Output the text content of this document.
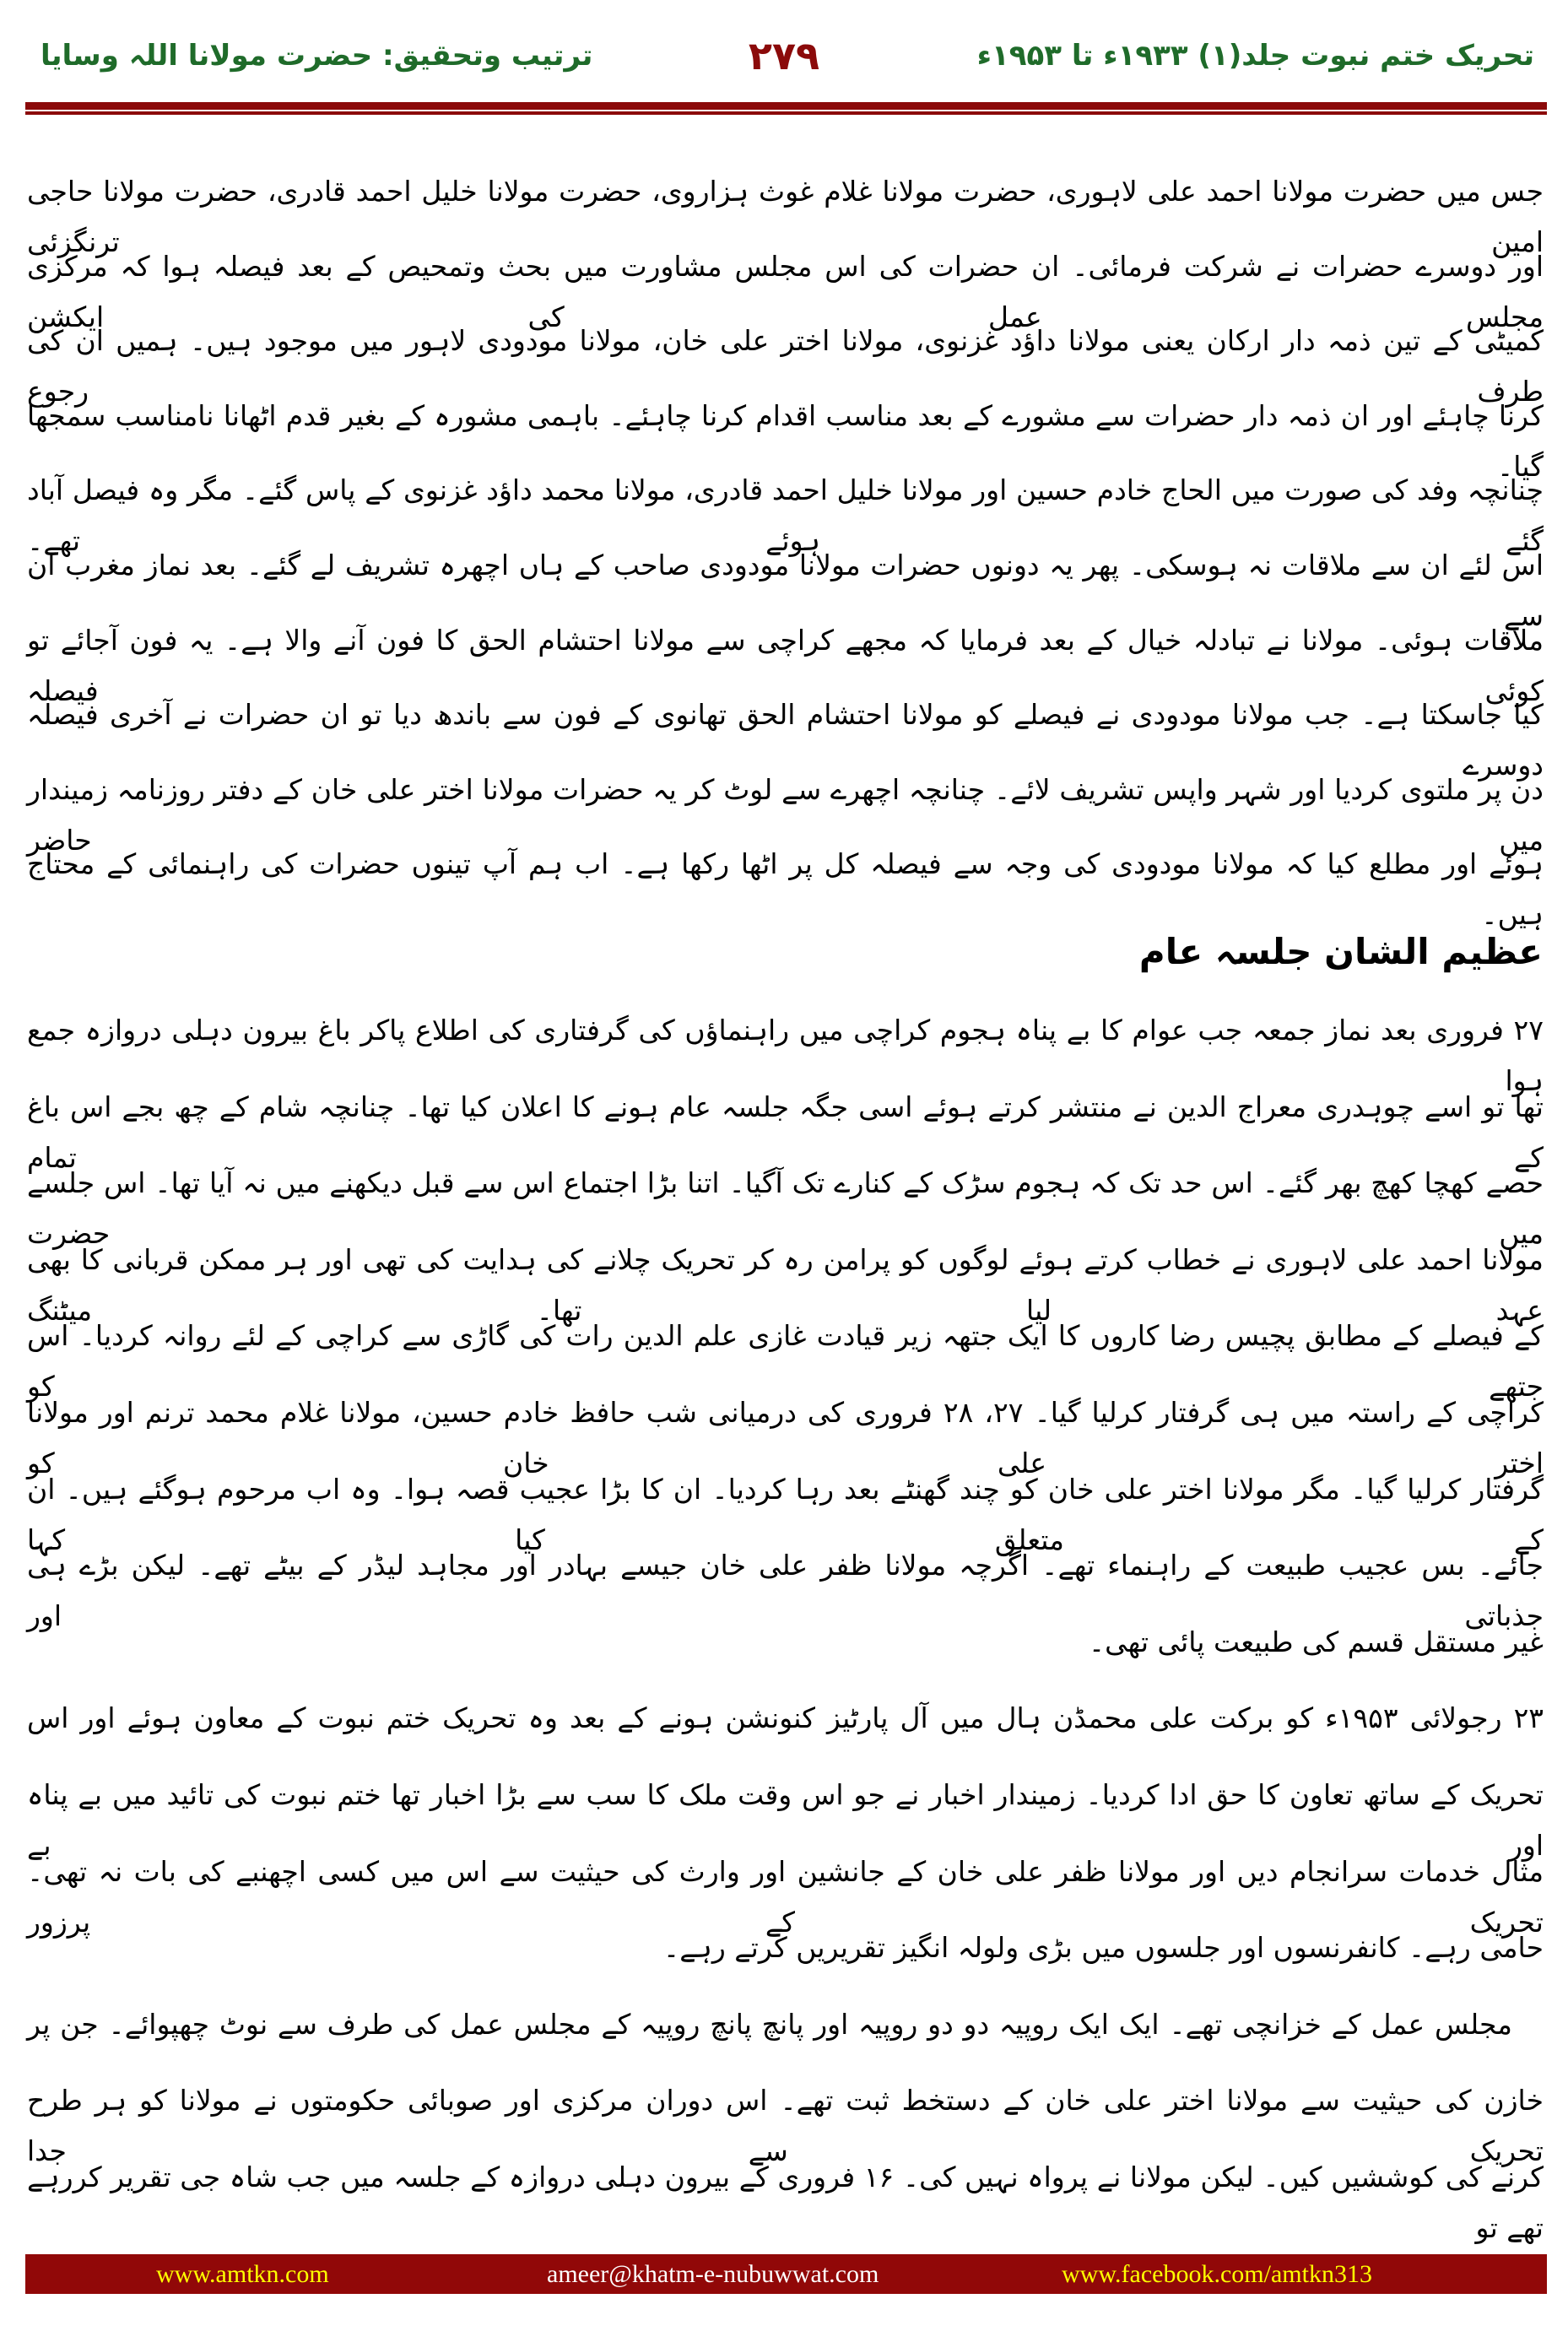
تحریک ختم نبوت جلد(۱) ۱۹۳۳ء تا ۱۹۵۳ء
۲۷۹
ترتیب وتحقیق: حضرت مولانا اللہ وسایا
جس میں حضرت مولانا احمد علی لاہوری، حضرت مولانا غلام غوث ہزاروی، حضرت مولانا خلیل احمد قادری، حضرت مولانا حاجی امین ترنگزئی
اور دوسرے حضرات نے شرکت فرمائی۔ ان حضرات کی اس مجلس مشاورت میں بحث وتمحیص کے بعد فیصلہ ہوا کہ مرکزی مجلس عمل کی ایکشن
کمیٹی کے تین ذمہ دار ارکان یعنی مولانا داؤد غزنوی، مولانا اختر علی خان، مولانا مودودی لاہور میں موجود ہیں۔ ہمیں ان کی طرف رجوع
کرنا چاہئے اور ان ذمہ دار حضرات سے مشورے کے بعد مناسب اقدام کرنا چاہئے۔ باہمی مشورہ کے بغیر قدم اٹھانا نامناسب سمجھا گیا۔
چنانچہ وفد کی صورت میں الحاج خادم حسین اور مولانا خلیل احمد قادری، مولانا محمد داؤد غزنوی کے پاس گئے۔ مگر وہ فیصل آباد گئے ہوئے تھے۔
اس لئے ان سے ملاقات نہ ہوسکی۔ پھر یہ دونوں حضرات مولانا مودودی صاحب کے ہاں اچھرہ تشریف لے گئے۔ بعد نماز مغرب ان سے
ملاقات ہوئی۔ مولانا نے تبادلہ خیال کے بعد فرمایا کہ مجھے کراچی سے مولانا احتشام الحق کا فون آنے والا ہے۔ یہ فون آجائے تو کوئی فیصلہ
کیا جاسکتا ہے۔ جب مولانا مودودی نے فیصلے کو مولانا احتشام الحق تھانوی کے فون سے باندھ دیا تو ان حضرات نے آخری فیصلہ دوسرے
دن پر ملتوی کردیا اور شہر واپس تشریف لائے۔ چنانچہ اچھرے سے لوٹ کر یہ حضرات مولانا اختر علی خان کے دفتر روزنامہ زمیندار میں حاضر
ہوئے اور مطلع کیا کہ مولانا مودودی کی وجہ سے فیصلہ کل پر اٹھا رکھا ہے۔ اب ہم آپ تینوں حضرات کی راہنمائی کے محتاج ہیں۔
عظیم الشان جلسہ عام
۲۷ فروری بعد نماز جمعہ جب عوام کا بے پناہ ہجوم کراچی میں راہنماؤں کی گرفتاری کی اطلاع پاکر باغ بیرون دہلی دروازہ جمع ہوا
تھا تو اسے چوہدری معراج الدین نے منتشر کرتے ہوئے اسی جگہ جلسہ عام ہونے کا اعلان کیا تھا۔ چنانچہ شام کے چھ بجے اس باغ کے تمام
حصے کھچا کھچ بھر گئے۔ اس حد تک کہ ہجوم سڑک کے کنارے تک آگیا۔ اتنا بڑا اجتماع اس سے قبل دیکھنے میں نہ آیا تھا۔ اس جلسے میں حضرت
مولانا احمد علی لاہوری نے خطاب کرتے ہوئے لوگوں کو پرامن رہ کر تحریک چلانے کی ہدایت کی تھی اور ہر ممکن قربانی کا بھی عہد لیا تھا۔ میٹنگ
کے فیصلے کے مطابق پچیس رضا کاروں کا ایک جتھہ زیر قیادت غازی علم الدین رات کی گاڑی سے کراچی کے لئے روانہ کردیا۔ اس جتھے کو
کراچی کے راستہ میں ہی گرفتار کرلیا گیا۔ ۲۷، ۲۸ فروری کی درمیانی شب حافظ خادم حسین، مولانا غلام محمد ترنم اور مولانا اختر علی خان کو
گرفتار کرلیا گیا۔ مگر مولانا اختر علی خان کو چند گھنٹے بعد رہا کردیا۔ ان کا بڑا عجیب قصہ ہوا۔ وہ اب مرحوم ہوگئے ہیں۔ ان کے متعلق کیا کہا
جائے۔ بس عجیب طبیعت کے راہنماء تھے۔ اگرچہ مولانا ظفر علی خان جیسے بہادر اور مجاہد لیڈر کے بیٹے تھے۔ لیکن بڑے ہی جذباتی اور
غیر مستقل قسم کی طبیعت پائی تھی۔
۲۳ رجولائی ۱۹۵۳ء کو برکت علی محمڈن ہال میں آل پارٹیز کنونشن ہونے کے بعد وہ تحریک ختم نبوت کے معاون ہوئے اور اس
تحریک کے ساتھ تعاون کا حق ادا کردیا۔ زمیندار اخبار نے جو اس وقت ملک کا سب سے بڑا اخبار تھا ختم نبوت کی تائید میں بے پناہ اور بے
مثال خدمات سرانجام دیں اور مولانا ظفر علی خان کے جانشین اور وارث کی حیثیت سے اس میں کسی اچھنبے کی بات نہ تھی۔ تحریک کے پرزور
حامی رہے۔ کانفرنسوں اور جلسوں میں بڑی ولولہ انگیز تقریریں کرتے رہے۔
مجلس عمل کے خزانچی تھے۔ ایک ایک روپیہ دو دو روپیہ اور پانچ پانچ روپیہ کے مجلس عمل کی طرف سے نوٹ چھپوائے۔ جن پر
خازن کی حیثیت سے مولانا اختر علی خان کے دستخط ثبت تھے۔ اس دوران مرکزی اور صوبائی حکومتوں نے مولانا کو ہر طرح تحریک سے جدا
کرنے کی کوششیں کیں۔ لیکن مولانا نے پرواہ نہیں کی۔ ۱۶ فروری کے بیرون دہلی دروازہ کے جلسہ میں جب شاہ جی تقریر کررہے تھے تو
www.amtkn.com	ameer@khatm-e-nubuwwat.com	www.facebook.com/amtkn313
